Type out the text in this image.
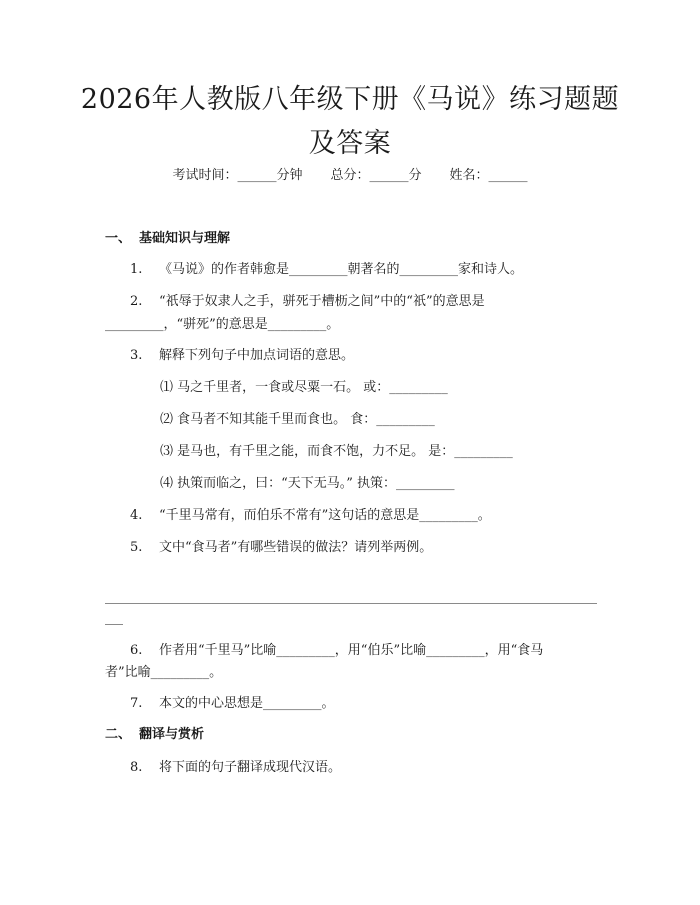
2026年人教版八年级下册《马说》练习题题
及答案
考试时间：______分钟 总分：______分 姓名：______
一、 基础知识与理解
1.	《马说》的作者韩愈是_________朝著名的_________家和诗人。
2.	“祇辱于奴隶人之手，骈死于槽枥之间”中的“祇”的意思是
_________，“骈死”的意思是_________。
3.	解释下列句子中加点词语的意思。
⑴ 马之千里者，一食或尽粟一石。 或：_________
⑵ 食马者不知其能千里而食也。 食：_________
⑶ 是马也，有千里之能，而食不饱，力不足。 是：_________
⑷ 执策而临之，曰：“天下无马。” 执策：_________
4.	“千里马常有，而伯乐不常有”这句话的意思是_________。
5.	文中“食马者”有哪些错误的做法？请列举两例。
6.	作者用“千里马”比喻_________，用“伯乐”比喻_________，用“食马
者”比喻_________。
7.	本文的中心思想是_________。
二、 翻译与赏析
8.	将下面的句子翻译成现代汉语。
